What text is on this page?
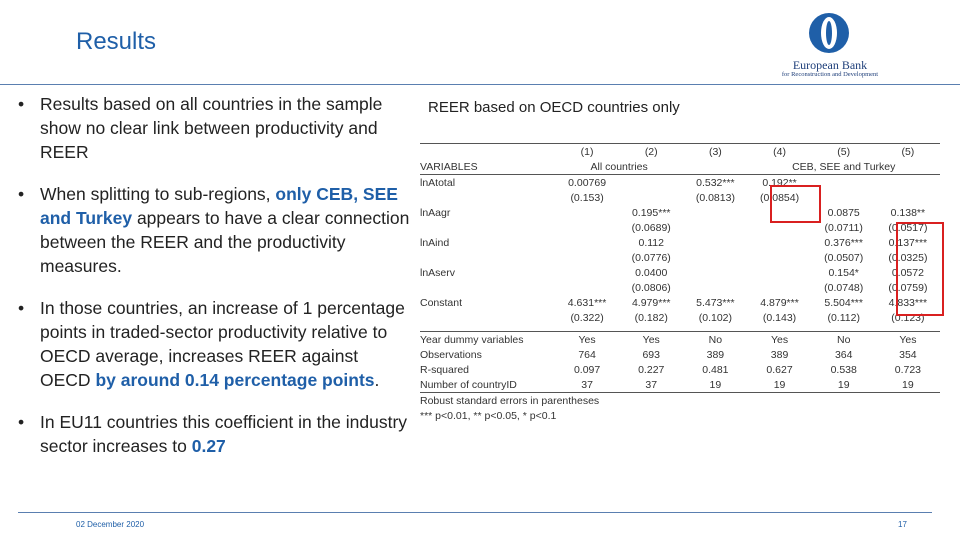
Results
European Bank
for Reconstruction and Development
• Results based on all countries in the sample show no clear link between productivity and REER
• When splitting to sub-regions, only CEB, SEE and Turkey appears to have a clear connection between the REER and the productivity measures.
• In those countries, an increase of 1 percentage points in traded-sector productivity relative to OECD average, increases REER against OECD by around 0.14 percentage points.
• In EU11 countries this coefficient in the industry sector increases to 0.27
REER based on OECD countries only
	(1)	(2)	(3)	(4)	(5)	(5)
VARIABLES	All countries			CEB, SEE and Turkey		
lnAtotal	0.00769		0.532***	0.192**		
	(0.153)		(0.0813)	(0.0854)		
lnAagr		0.195***			0.0875	0.138**
		(0.0689)			(0.0711)	(0.0517)
lnAind		0.112			0.376***	0.137***
		(0.0776)			(0.0507)	(0.0325)
lnAserv		0.0400			0.154*	0.0572
		(0.0806)			(0.0748)	(0.0759)
Constant	4.631***	4.979***	5.473***	4.879***	5.504***	4.833***
	(0.322)	(0.182)	(0.102)	(0.143)	(0.112)	(0.123)

Year dummy variables	Yes	Yes	No	Yes	No	Yes
Observations	764	693	389	389	364	354
R-squared	0.097	0.227	0.481	0.627	0.538	0.723
Number of countryID	37	37	19	19	19	19
Robust standard errors in parentheses						
*** p<0.01, ** p<0.05, * p<0.1						
02 December 2020	17
